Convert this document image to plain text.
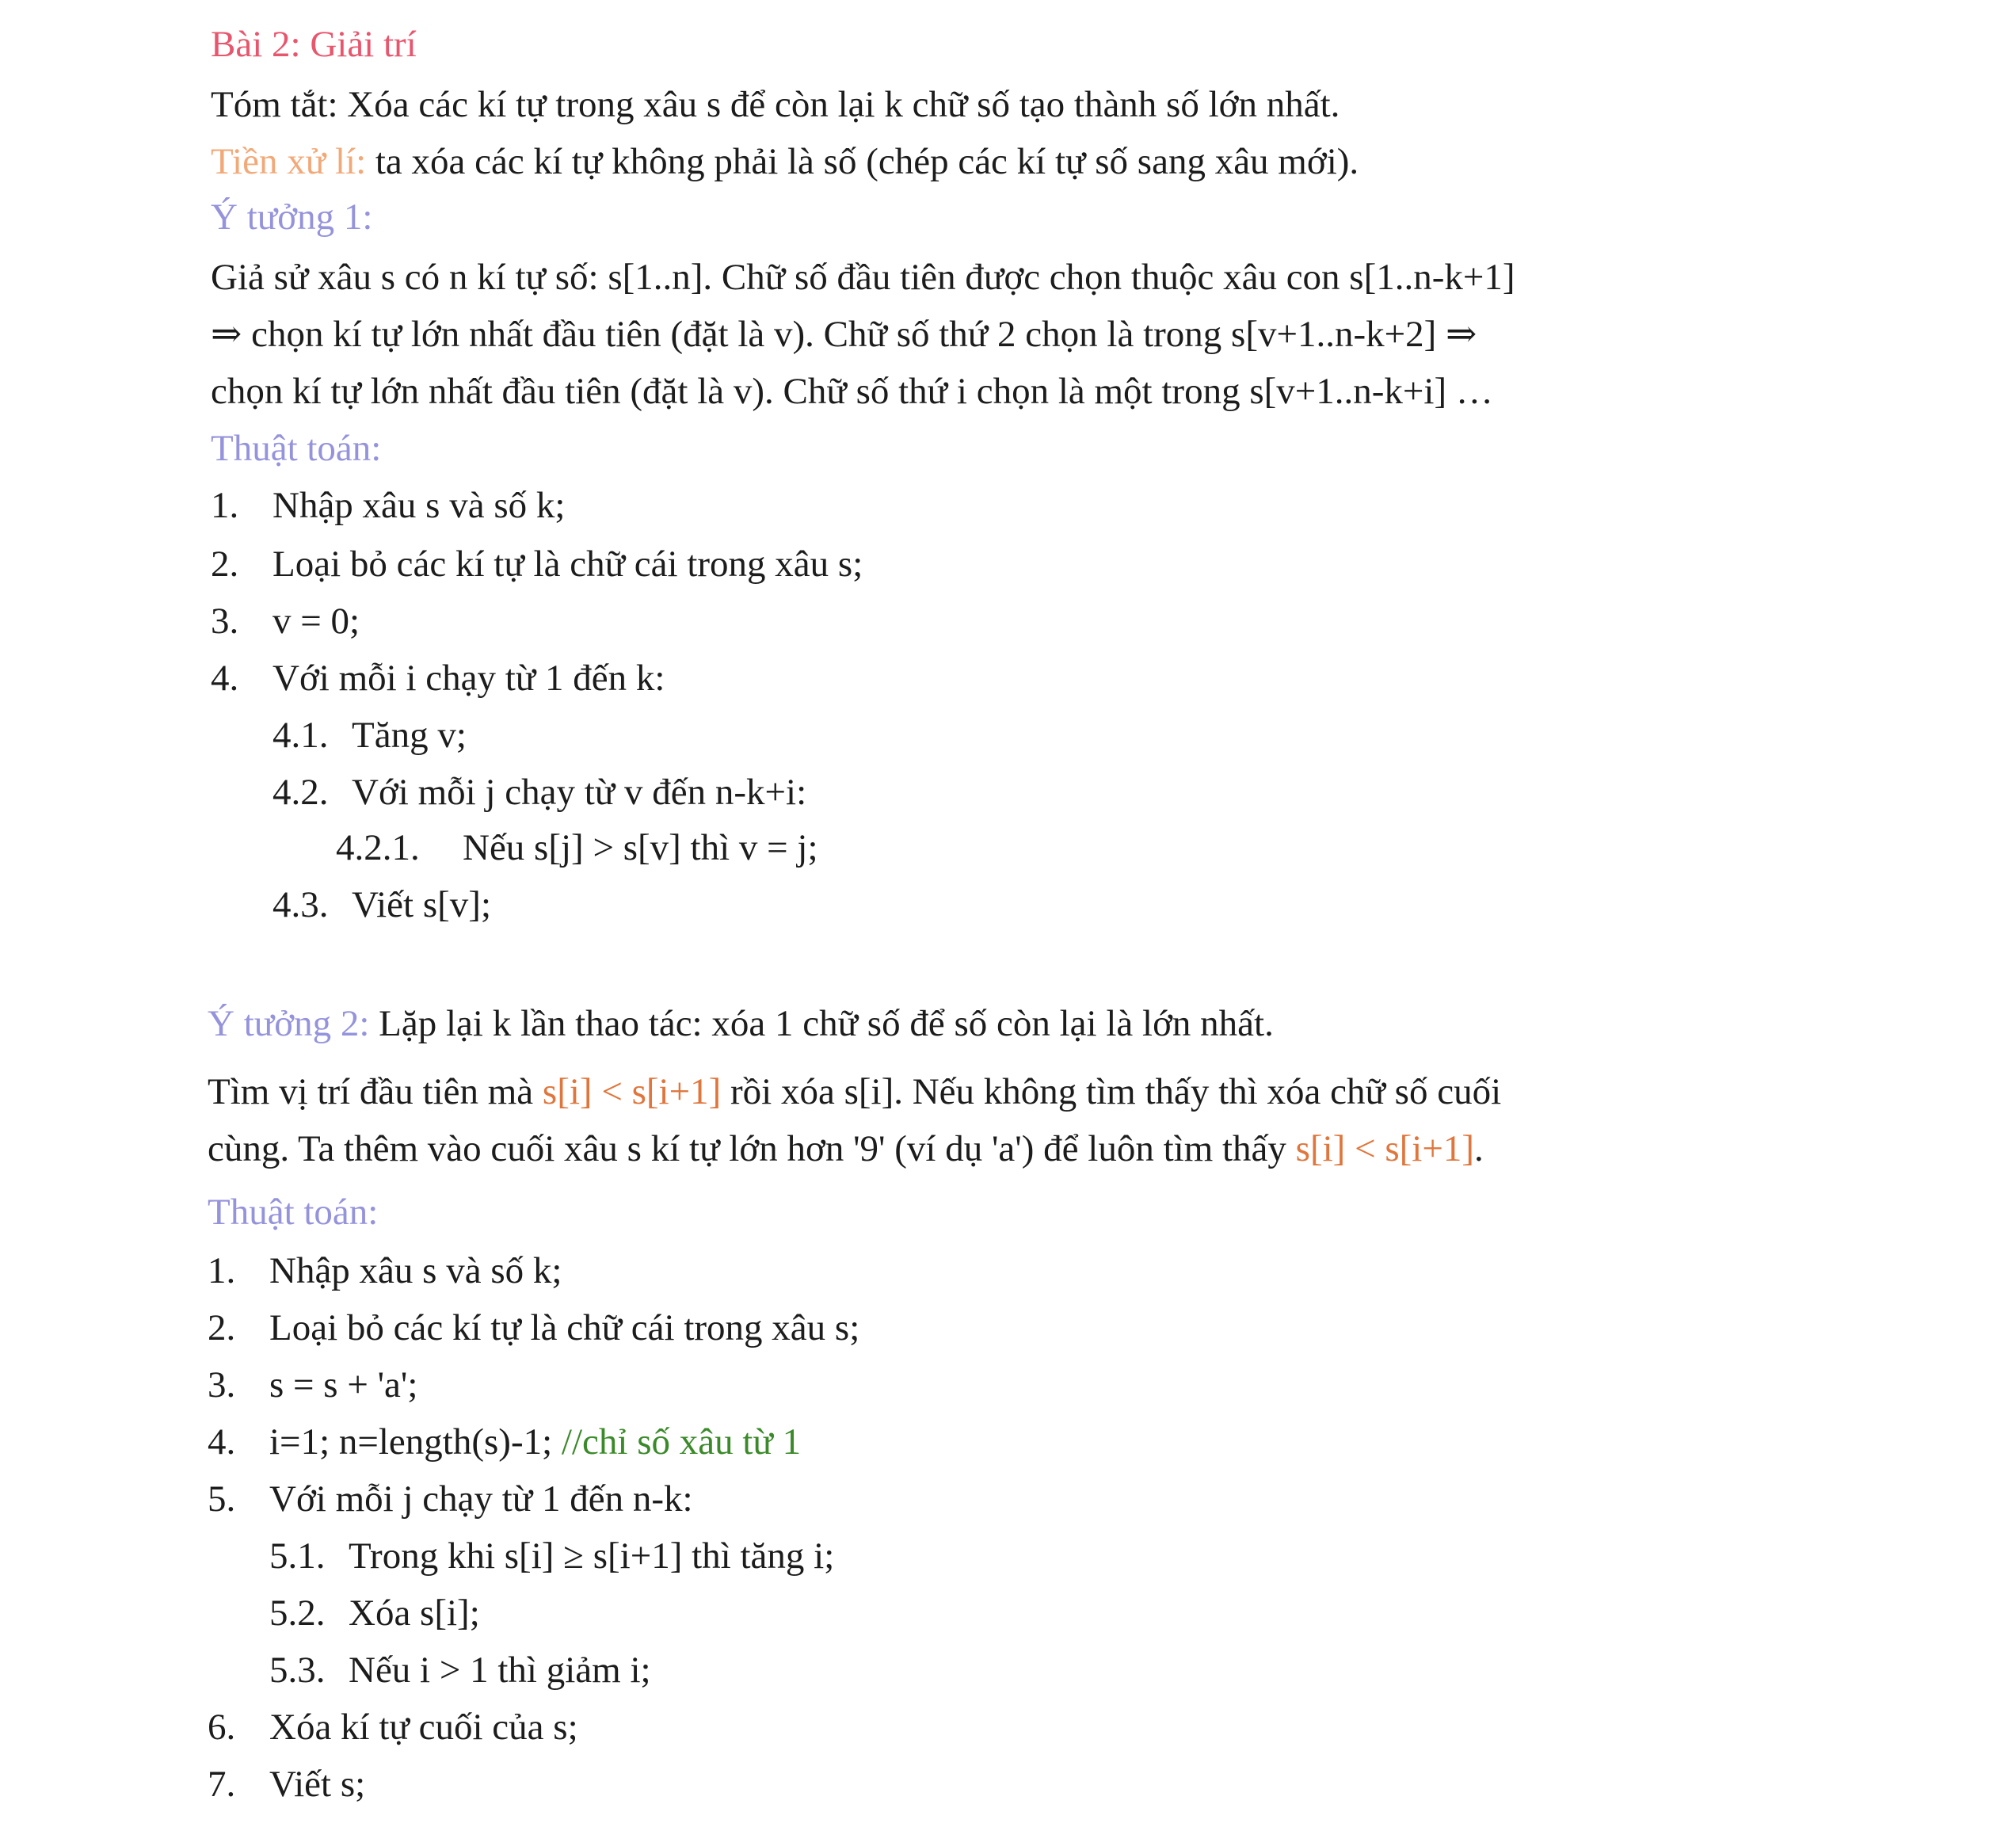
Bài 2: Giải trí

Tóm tắt: Xóa các kí tự trong xâu s để còn lại k chữ số tạo thành số lớn nhất.

Tiền xử lí: ta xóa các kí tự không phải là số (chép các kí tự số sang xâu mới).

Ý tưởng 1:

Giả sử xâu s có n kí tự số: s[1..n]. Chữ số đầu tiên được chọn thuộc xâu con s[1..n-k+1]

⇒ chọn kí tự lớn nhất đầu tiên (đặt là v). Chữ số thứ 2 chọn là trong s[v+1..n-k+2] ⇒

chọn kí tự lớn nhất đầu tiên (đặt là v). Chữ số thứ i chọn là một trong s[v+1..n-k+i] …

Thuật toán:

1. Nhập xâu s và số k;

2. Loại bỏ các kí tự là chữ cái trong xâu s;

3. v = 0;

4. Với mỗi i chạy từ 1 đến k:

4.1. Tăng v;

4.2. Với mỗi j chạy từ v đến n-k+i:

4.2.1. Nếu s[j] > s[v] thì v = j;

4.3. Viết s[v];

Ý tưởng 2: Lặp lại k lần thao tác: xóa 1 chữ số để số còn lại là lớn nhất.

Tìm vị trí đầu tiên mà s[i] < s[i+1] rồi xóa s[i]. Nếu không tìm thấy thì xóa chữ số cuối

cùng. Ta thêm vào cuối xâu s kí tự lớn hơn '9' (ví dụ 'a') để luôn tìm thấy s[i] < s[i+1].

Thuật toán:

1. Nhập xâu s và số k;

2. Loại bỏ các kí tự là chữ cái trong xâu s;

3. s = s + 'a';

4. i=1; n=length(s)-1; //chỉ số xâu từ 1

5. Với mỗi j chạy từ 1 đến n-k:

5.1. Trong khi s[i] ≥ s[i+1] thì tăng i;

5.2. Xóa s[i];

5.3. Nếu i > 1 thì giảm i;

6. Xóa kí tự cuối của s;

7. Viết s;
